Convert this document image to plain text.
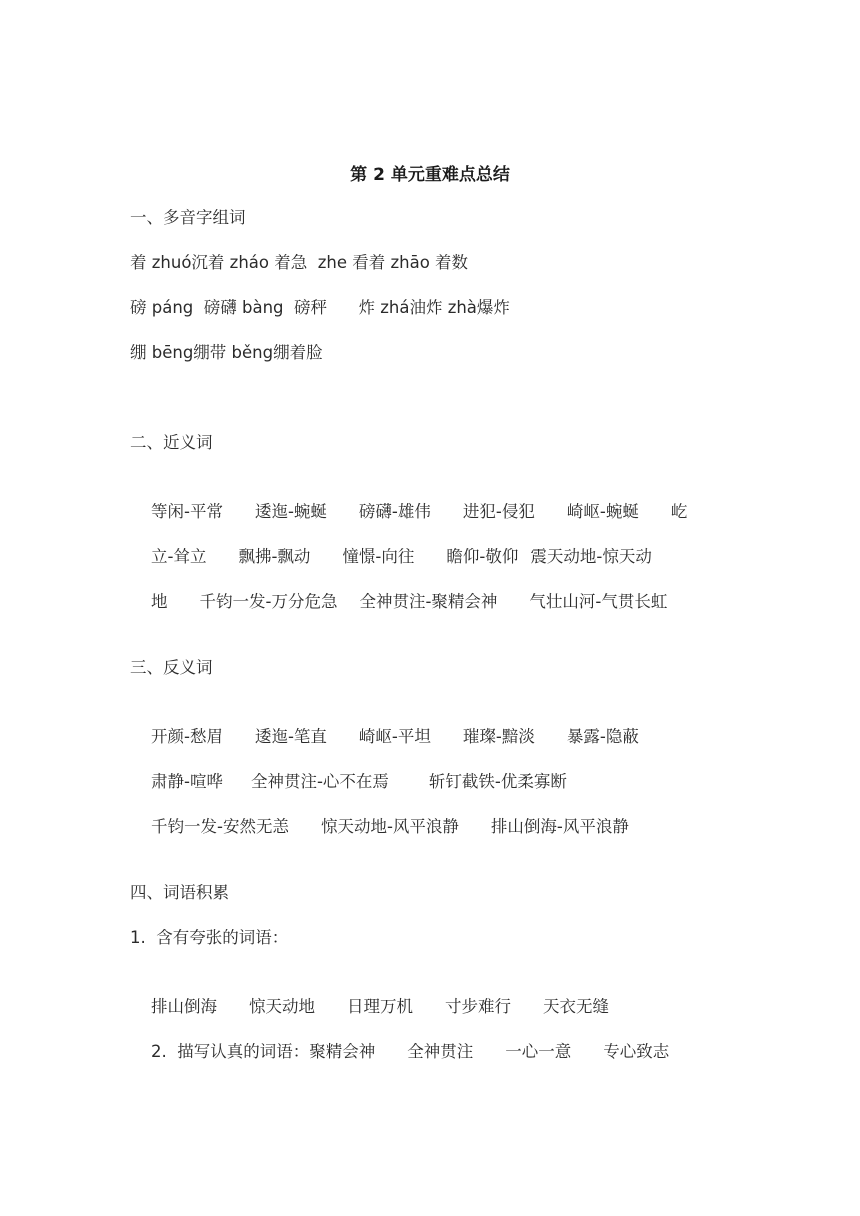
第 2 单元重难点总结
一、多音字组词
着 zhuó沉着 zháo 着急  zhe 看着 zhāo 着数
磅 páng  磅礴 bàng  磅秤      炸 zhá油炸 zhà爆炸
绷 bēng绷带 běng绷着脸
二、近义词

等闲-平常 逶迤-蜿蜒 磅礴-雄伟 进犯-侵犯 崎岖-蜿蜒 屹

立-耸立 飘拂-飘动 憧憬-向往 瞻仰-敬仰 震天动地-惊天动

地 千钧一发-万分危急 全神贯注-聚精会神 气壮山河-气贯长虹

三、反义词

开颜-愁眉 逶迤-笔直 崎岖-平坦 璀璨-黯淡 暴露-隐蔽

肃静-喧哗 全神贯注-心不在焉 斩钉截铁-优柔寡断

千钧一发-安然无恙 惊天动地-风平浪静 排山倒海-风平浪静

四、词语积累
1.  含有夸张的词语：

排山倒海 惊天动地 日理万机 寸步难行 天衣无缝

2.  描写认真的词语：聚精会神 全神贯注 一心一意 专心致志
